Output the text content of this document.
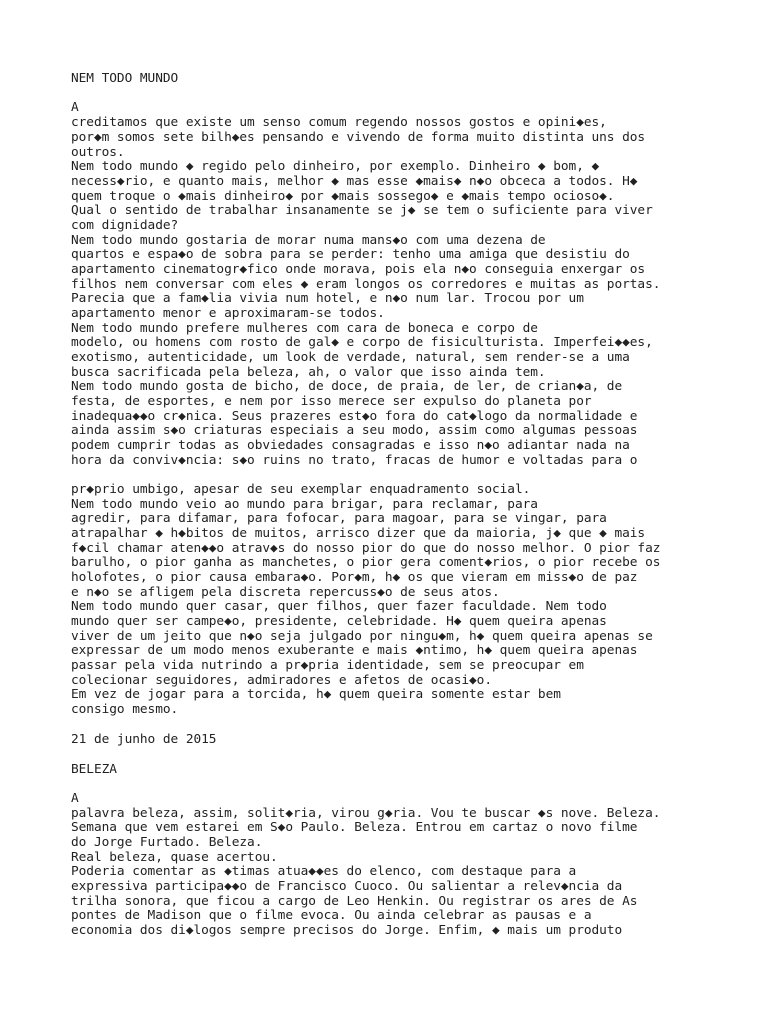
NEM TODO MUNDO
A
creditamos que existe um senso comum regendo nossos gostos e opini◆es,
por◆m somos sete bilh◆es pensando e vivendo de forma muito distinta uns dos
outros.
Nem todo mundo ◆ regido pelo dinheiro, por exemplo. Dinheiro ◆ bom, ◆
necess◆rio, e quanto mais, melhor ◆ mas esse ◆mais◆ n◆o obceca a todos. H◆
quem troque o ◆mais dinheiro◆ por ◆mais sossego◆ e ◆mais tempo ocioso◆.
Qual o sentido de trabalhar insanamente se j◆ se tem o suficiente para viver
com dignidade?
Nem todo mundo gostaria de morar numa mans◆o com uma dezena de
quartos e espa◆o de sobra para se perder: tenho uma amiga que desistiu do
apartamento cinematogr◆fico onde morava, pois ela n◆o conseguia enxergar os
filhos nem conversar com eles ◆ eram longos os corredores e muitas as portas.
Parecia que a fam◆lia vivia num hotel, e n◆o num lar. Trocou por um
apartamento menor e aproximaram-se todos.
Nem todo mundo prefere mulheres com cara de boneca e corpo de
modelo, ou homens com rosto de gal◆ e corpo de fisiculturista. Imperfei◆◆es,
exotismo, autenticidade, um look de verdade, natural, sem render-se a uma
busca sacrificada pela beleza, ah, o valor que isso ainda tem.
Nem todo mundo gosta de bicho, de doce, de praia, de ler, de crian◆a, de
festa, de esportes, e nem por isso merece ser expulso do planeta por
inadequa◆◆o cr◆nica. Seus prazeres est◆o fora do cat◆logo da normalidade e
ainda assim s◆o criaturas especiais a seu modo, assim como algumas pessoas
podem cumprir todas as obviedades consagradas e isso n◆o adiantar nada na
hora da conviv◆ncia: s◆o ruins no trato, fracas de humor e voltadas para o
pr◆prio umbigo, apesar de seu exemplar enquadramento social.
Nem todo mundo veio ao mundo para brigar, para reclamar, para
agredir, para difamar, para fofocar, para magoar, para se vingar, para
atrapalhar ◆ h◆bitos de muitos, arrisco dizer que da maioria, j◆ que ◆ mais
f◆cil chamar aten◆◆o atrav◆s do nosso pior do que do nosso melhor. O pior faz
barulho, o pior ganha as manchetes, o pior gera coment◆rios, o pior recebe os
holofotes, o pior causa embara◆o. Por◆m, h◆ os que vieram em miss◆o de paz
e n◆o se afligem pela discreta repercuss◆o de seus atos.
Nem todo mundo quer casar, quer filhos, quer fazer faculdade. Nem todo
mundo quer ser campe◆o, presidente, celebridade. H◆ quem queira apenas
viver de um jeito que n◆o seja julgado por ningu◆m, h◆ quem queira apenas se
expressar de um modo menos exuberante e mais ◆ntimo, h◆ quem queira apenas
passar pela vida nutrindo a pr◆pria identidade, sem se preocupar em
colecionar seguidores, admiradores e afetos de ocasi◆o.
Em vez de jogar para a torcida, h◆ quem queira somente estar bem
consigo mesmo.
21 de junho de 2015
BELEZA
A
palavra beleza, assim, solit◆ria, virou g◆ria. Vou te buscar ◆s nove. Beleza.
Semana que vem estarei em S◆o Paulo. Beleza. Entrou em cartaz o novo filme
do Jorge Furtado. Beleza.
Real beleza, quase acertou.
Poderia comentar as ◆timas atua◆◆es do elenco, com destaque para a
expressiva participa◆◆o de Francisco Cuoco. Ou salientar a relev◆ncia da
trilha sonora, que ficou a cargo de Leo Henkin. Ou registrar os ares de As
pontes de Madison que o filme evoca. Ou ainda celebrar as pausas e a
economia dos di◆logos sempre precisos do Jorge. Enfim, ◆ mais um produto
